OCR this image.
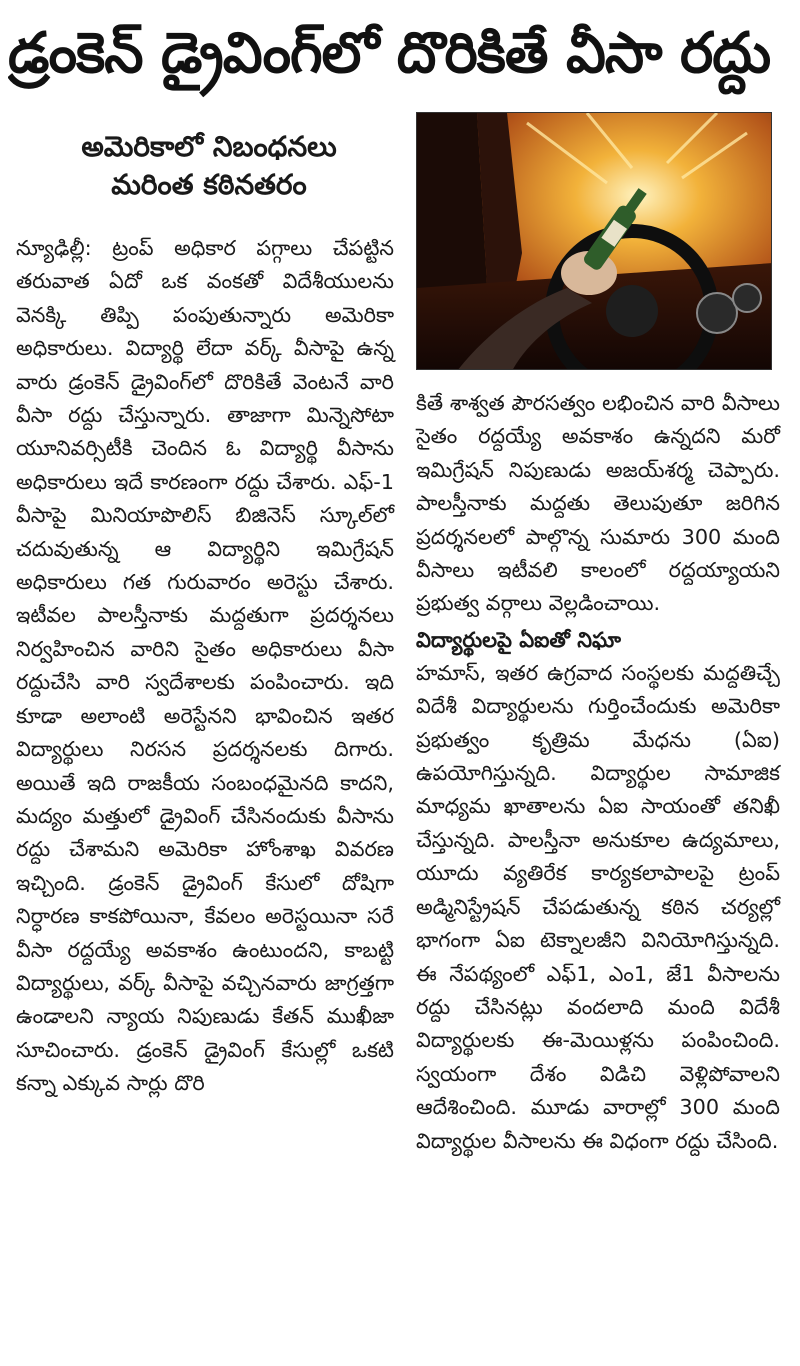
డ్రంకెన్ డ్రైవింగ్‌లో దొరికితే వీసా రద్దు
అమెరికాలో నిబంధనలు
మరింత కఠినతరం

న్యూఢిల్లీ: ట్రంప్ అధికార పగ్గాలు చేపట్టిన తరువాత ఏదో ఒక వంకతో విదేశీయులను వెనక్కి తిప్పి పంపుతున్నారు అమెరికా అధికారులు. విద్యార్థి లేదా వర్క్ వీసాపై ఉన్న వారు డ్రంకెన్ డ్రైవింగ్‌లో దొరికితే వెంటనే వారి వీసా రద్దు చేస్తున్నారు. తాజాగా మిన్నెసోటా యూనివర్సిటీకి చెందిన ఓ విద్యార్థి వీసాను అధికారులు ఇదే కారణంగా రద్దు చేశారు. ఎఫ్-1 వీసాపై మినియాపొలిస్ బిజినెస్ స్కూల్‌లో చదువుతున్న ఆ విద్యార్థిని ఇమిగ్రేషన్ అధికారులు గత గురువారం అరెస్టు చేశారు. ఇటీవల పాలస్తీనాకు మద్దతుగా ప్రదర్శనలు నిర్వహించిన వారిని సైతం అధికారులు వీసా రద్దుచేసి వారి స్వదేశాలకు పంపించారు. ఇది కూడా అలాంటి అరెస్టేనని భావించిన ఇతర విద్యార్థులు నిరసన ప్రదర్శనలకు దిగారు. అయితే ఇది రాజకీయ సంబంధమైనది కాదని, మద్యం మత్తులో డ్రైవింగ్ చేసినందుకు వీసాను రద్దు చేశామని అమెరికా హోంశాఖ వివరణ ఇచ్చింది. డ్రంకెన్ డ్రైవింగ్ కేసులో దోషిగా నిర్ధారణ కాకపోయినా, కేవలం అరెస్టయినా సరే వీసా రద్దయ్యే అవకాశం ఉంటుందని, కాబట్టి విద్యార్థులు, వర్క్ వీసాపై వచ్చినవారు జాగ్రత్తగా ఉండాలని న్యాయ నిపుణుడు కేతన్ ముఖీజా సూచించారు. డ్రంకెన్ డ్రైవింగ్ కేసుల్లో ఒకటి కన్నా ఎక్కువ సార్లు దొరి

కితే శాశ్వత పౌరసత్వం లభించిన వారి వీసాలు సైతం రద్దయ్యే అవకాశం ఉన్నదని మరో ఇమిగ్రేషన్ నిపుణుడు అజయ్‌శర్మ చెప్పారు. పాలస్తీనాకు మద్దతు తెలుపుతూ జరిగిన ప్రదర్శనలలో పాల్గొన్న సుమారు 300 మంది వీసాలు ఇటీవలి కాలంలో రద్దయ్యాయని ప్రభుత్వ వర్గాలు వెల్లడించాయి.

విద్యార్థులపై ఏఐతో నిఘా

హమాస్, ఇతర ఉగ్రవాద సంస్థలకు మద్దతిచ్చే విదేశీ విద్యార్థులను గుర్తించేందుకు అమెరికా ప్రభుత్వం కృత్రిమ మేధను (ఏఐ) ఉపయోగిస్తున్నది. విద్యార్థుల సామాజిక మాధ్యమ ఖాతాలను ఏఐ సాయంతో తనిఖీ చేస్తున్నది. పాలస్తీనా అనుకూల ఉద్యమాలు, యూదు వ్యతిరేక కార్యకలాపాలపై ట్రంప్ అడ్మినిస్ట్రేషన్ చేపడుతున్న కఠిన చర్యల్లో భాగంగా ఏఐ టెక్నాలజీని వినియోగిస్తున్నది. ఈ నేపథ్యంలో ఎఫ్1, ఎం1, జే1 వీసాలను రద్దు చేసినట్లు వందలాది మంది విదేశీ విద్యార్థులకు ఈ-మెయిళ్లను పంపించింది. స్వయంగా దేశం విడిచి వెళ్లిపోవాలని ఆదేశించింది. మూడు వారాల్లో 300 మంది విద్యార్థుల వీసాలను ఈ విధంగా రద్దు చేసింది.
